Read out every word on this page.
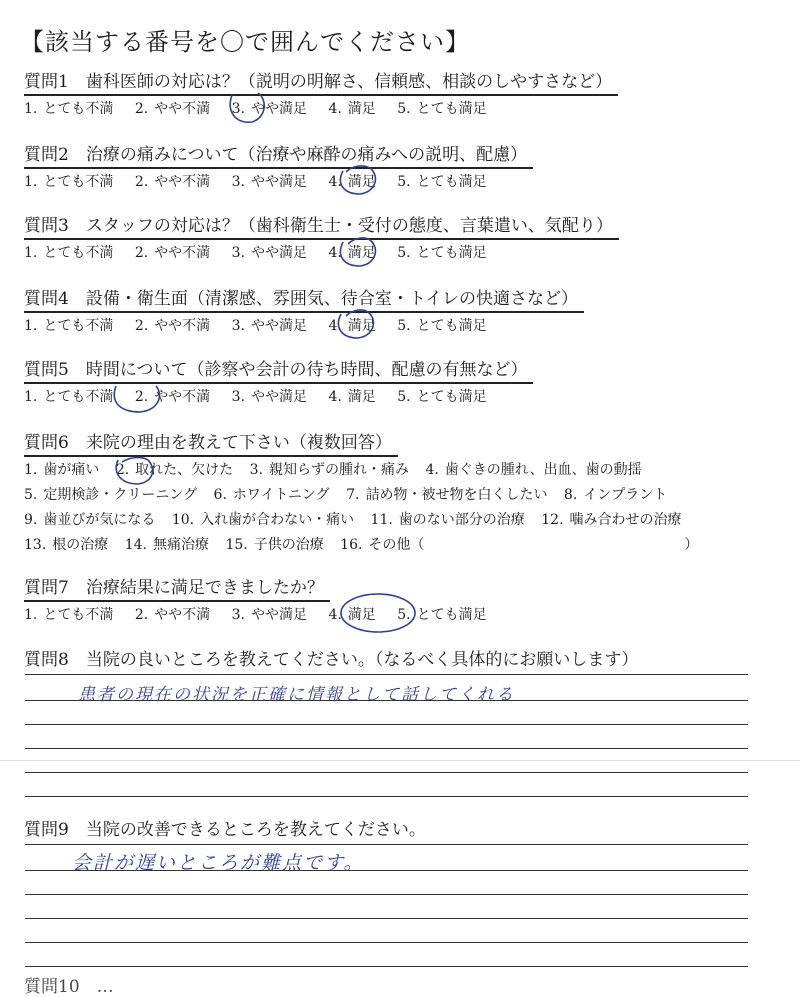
【該当する番号を〇で囲んでください】
質問1　歯科医師の対応は？（説明の明解さ、信頼感、相談のしやすさなど）
1. とても不満 2. やや不満 3. やや満足 4. 満足 5. とても満足
質問2　治療の痛みについて（治療や麻酔の痛みへの説明、配慮）
1. とても不満 2. やや不満 3. やや満足 4. 満足 5. とても満足
質問3　スタッフの対応は？（歯科衛生士・受付の態度、言葉遣い、気配り）
1. とても不満 2. やや不満 3. やや満足 4. 満足 5. とても満足
質問4　設備・衛生面（清潔感、雰囲気、待合室・トイレの快適さなど）
1. とても不満 2. やや不満 3. やや満足 4. 満足 5. とても満足
質問5　時間について（診察や会計の待ち時間、配慮の有無など）
1. とても不満 2. やや不満 3. やや満足 4. 満足 5. とても満足
質問6　来院の理由を教えて下さい（複数回答）
1. 歯が痛い 2. 取れた、欠けた 3. 親知らずの腫れ・痛み 4. 歯ぐきの腫れ、出血、歯の動揺
5. 定期検診・クリーニング 6. ホワイトニング 7. 詰め物・被せ物を白くしたい 8. インプラント
9. 歯並びが気になる 10. 入れ歯が合わない・痛い 11. 歯のない部分の治療 12. 噛み合わせの治療
13. 根の治療 14. 無痛治療 15. 子供の治療 16. その他（	）
質問7　治療結果に満足できましたか？
1. とても不満 2. やや不満 3. やや満足 4. 満足 5. とても満足
質問8　当院の良いところを教えてください。（なるべく具体的にお願いします）
患者の現在の状況を正確に情報として話してくれる
質問9　当院の改善できるところを教えてください。
会計が遅いところが難点です。
質問10　…
